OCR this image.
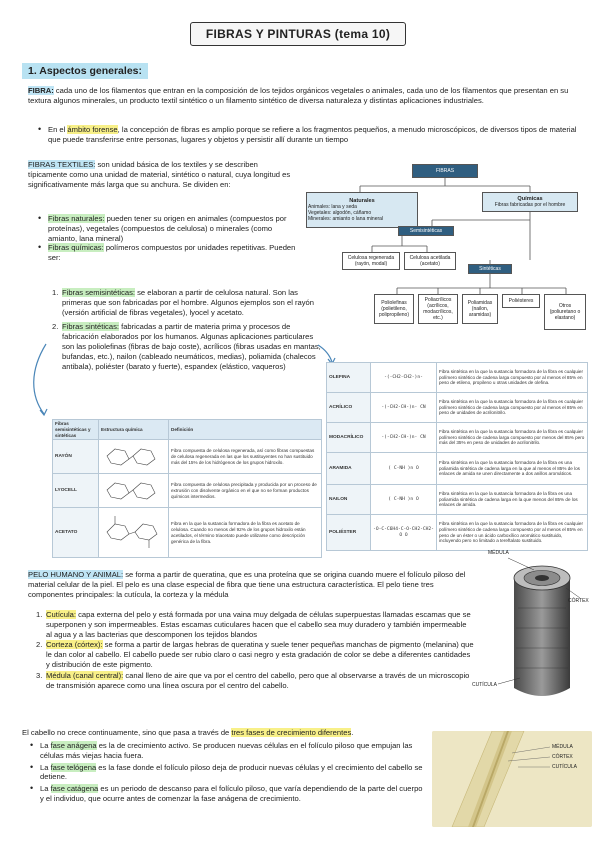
FIBRAS Y PINTURAS (tema 10)
1. Aspectos generales:
FIBRA: cada uno de los filamentos que entran en la composición de los tejidos orgánicos vegetales o animales, cada uno de los filamentos que presentan en su textura algunos minerales, un producto textil sintético o un filamento sintético de diversa naturaleza y distintas aplicaciones industriales.
• En el ámbito forense, la concepción de fibras es amplio porque se refiere a los fragmentos pequeños, a menudo microscópicos, de diversos tipos de material que puede transferirse entre personas, lugares y objetos y persistir allí durante un tiempo
FIBRAS TEXTILES: son unidad básica de los textiles y se describen típicamente como una unidad de material, sintético o natural, cuya longitud es significativamente más larga que su anchura. Se dividen en:
• Fibras naturales: pueden tener su origen en animales (compuestos por proteínas), vegetales (compuestos de celulosa) o minerales (como amianto, lana mineral)
• Fibras químicas: polímeros compuestos por unidades repetitivas. Pueden ser:
1. Fibras semisintéticas: se elaboran a partir de celulosa natural. Son las primeras que son fabricadas por el hombre. Algunos ejemplos son el rayón (versión artificial de fibras vegetales), lyocel y acetato.
2. Fibras sintéticas: fabricadas a partir de materia prima y procesos de fabricación elaborados por los humanos. Algunas aplicaciones particulares son las poliolefinas (fibras de bajo coste), acrílicos (fibras usadas en mantas, bufandas, etc.), nailon (cableado neumáticos, medias), poliamida (chalecos antibala), poliéster (barato y fuerte), espandex (elástico, vaqueros)
FIBRAS
Naturales
Animales: lana y seda
Vegetales: algodón, cáñamo
Minerales: amianto o lana mineral
Químicas
Fibras fabricadas por el hombre
Semisintéticas
Celulosa regenerada (rayón, modal)
Celulosa acetilada (acetato)
Sintéticas
Poliolefinas (polietileno, polipropileno)
Poliacrílicos (acrílicos, modacrílicos, etc.)
Poliamidas (nailon, aramidas)
Poliésteres
Otros (poliuretano o elastano)
Fibras semisintéticas y sintéticas	Estructura química	Definición
RAYÓN		Fibra compuesta de celulosa regenerada, así como fibras compuestas de celulosa regenerada en las que los sustituyentes no han sustituido más del 15% de los hidrógenos de los grupos hidroxilo.
LYOCELL		Fibra compuesta de celulosa precipitada y producida por un proceso de extrusión con disolvente orgánico en el que no se forman productos químicos intermedios.
ACETATO		Fibra en la que la sustancia formadora de la fibra es acetato de celulosa. Cuando no menos del 92% de los grupos hidroxilo están acetilados, el término triacetato puede utilizarse como descripción genérica de la fibra.
OLEFINA	-(-CH2-CH2-)n-	Fibra sintética en la que la sustancia formadora de la fibra es cualquier polímero sintético de cadena larga compuesto por al menos el 85% en peso de etileno, propileno u otras unidades de olefina.
ACRÍLICO	-(-CH2-CH-)n- CN	Fibra sintética en la que la sustancia formadora de la fibra es cualquier polímero sintético de cadena larga compuesto por al menos el 85% en peso de unidades de acrilonitrilo.
MODACRÍLICO	-(-CH2-CH-)n- CN	Fibra sintética en la que la sustancia formadora de la fibra es cualquier polímero sintético de cadena larga compuesto por menos del 85% pero más del 35% en peso de unidades de acrilonitrilo.
ARAMIDA	( C-NH )n O	Fibra sintética en la que la sustancia formadora de la fibra es una poliamida sintética de cadena larga en la que al menos el 85% de los enlaces de amida se unen directamente a dos anillos aromáticos.
NAILON	( C-NH )n O	Fibra sintética en la que la sustancia formadora de la fibra es una poliamida sintética de cadena larga en la que menos del 85% de los enlaces de amida.
POLIÉSTER	-O-C-C6H4-C-O-CH2-CH2- O O	Fibra sintética en la que la sustancia formadora de la fibra es cualquier polímero sintético de cadena larga compuesto por al menos el 85% en peso de un éster o un ácido carboxílico aromático sustituido, incluyendo pero no limitado a tereftalato sustituido.
PELO HUMANO Y ANIMAL: se forma a partir de queratina, que es una proteína que se origina cuando muere el folículo piloso del material celular de la piel. El pelo es una clase especial de fibra que tiene una estructura característica. El pelo tiene tres componentes principales: la cutícula, la corteza y la médula
1. Cutícula: capa externa del pelo y está formada por una vaina muy delgada de células superpuestas llamadas escamas que se superponen y son impermeables. Estas escamas cuticulares hacen que el cabello sea muy duradero y también impermeable al agua y a las bacterias que descomponen los tejidos blandos
2. Corteza (córtex): se forma a partir de largas hebras de queratina y suele tener pequeñas manchas de pigmento (melanina) que le dan color al cabello. El cabello puede ser rubio claro o casi negro y esta gradación de color se debe a diferentes cantidades y distribución de este pigmento.
3. Médula (canal central): canal lleno de aire que va por el centro del cabello, pero que al observarse a través de un microscopio de transmisión aparece como una línea oscura por el centro del cabello.
MÉDULA
CÓRTEX
CUTÍCULA
El cabello no crece continuamente, sino que pasa a través de tres fases de crecimiento diferentes.
• La fase anágena es la de crecimiento activo. Se producen nuevas células en el folículo piloso que empujan las células más viejas hacia fuera.
• La fase telógena es la fase donde el folículo piloso deja de producir nuevas células y el crecimiento del cabello se detiene.
• La fase catágena es un periodo de descanso para el folículo piloso, que varía dependiendo de la parte del cuerpo y el individuo, que ocurre antes de comenzar la fase anágena de crecimiento.
MÉDULA
CÓRTEX
CUTÍCULA
